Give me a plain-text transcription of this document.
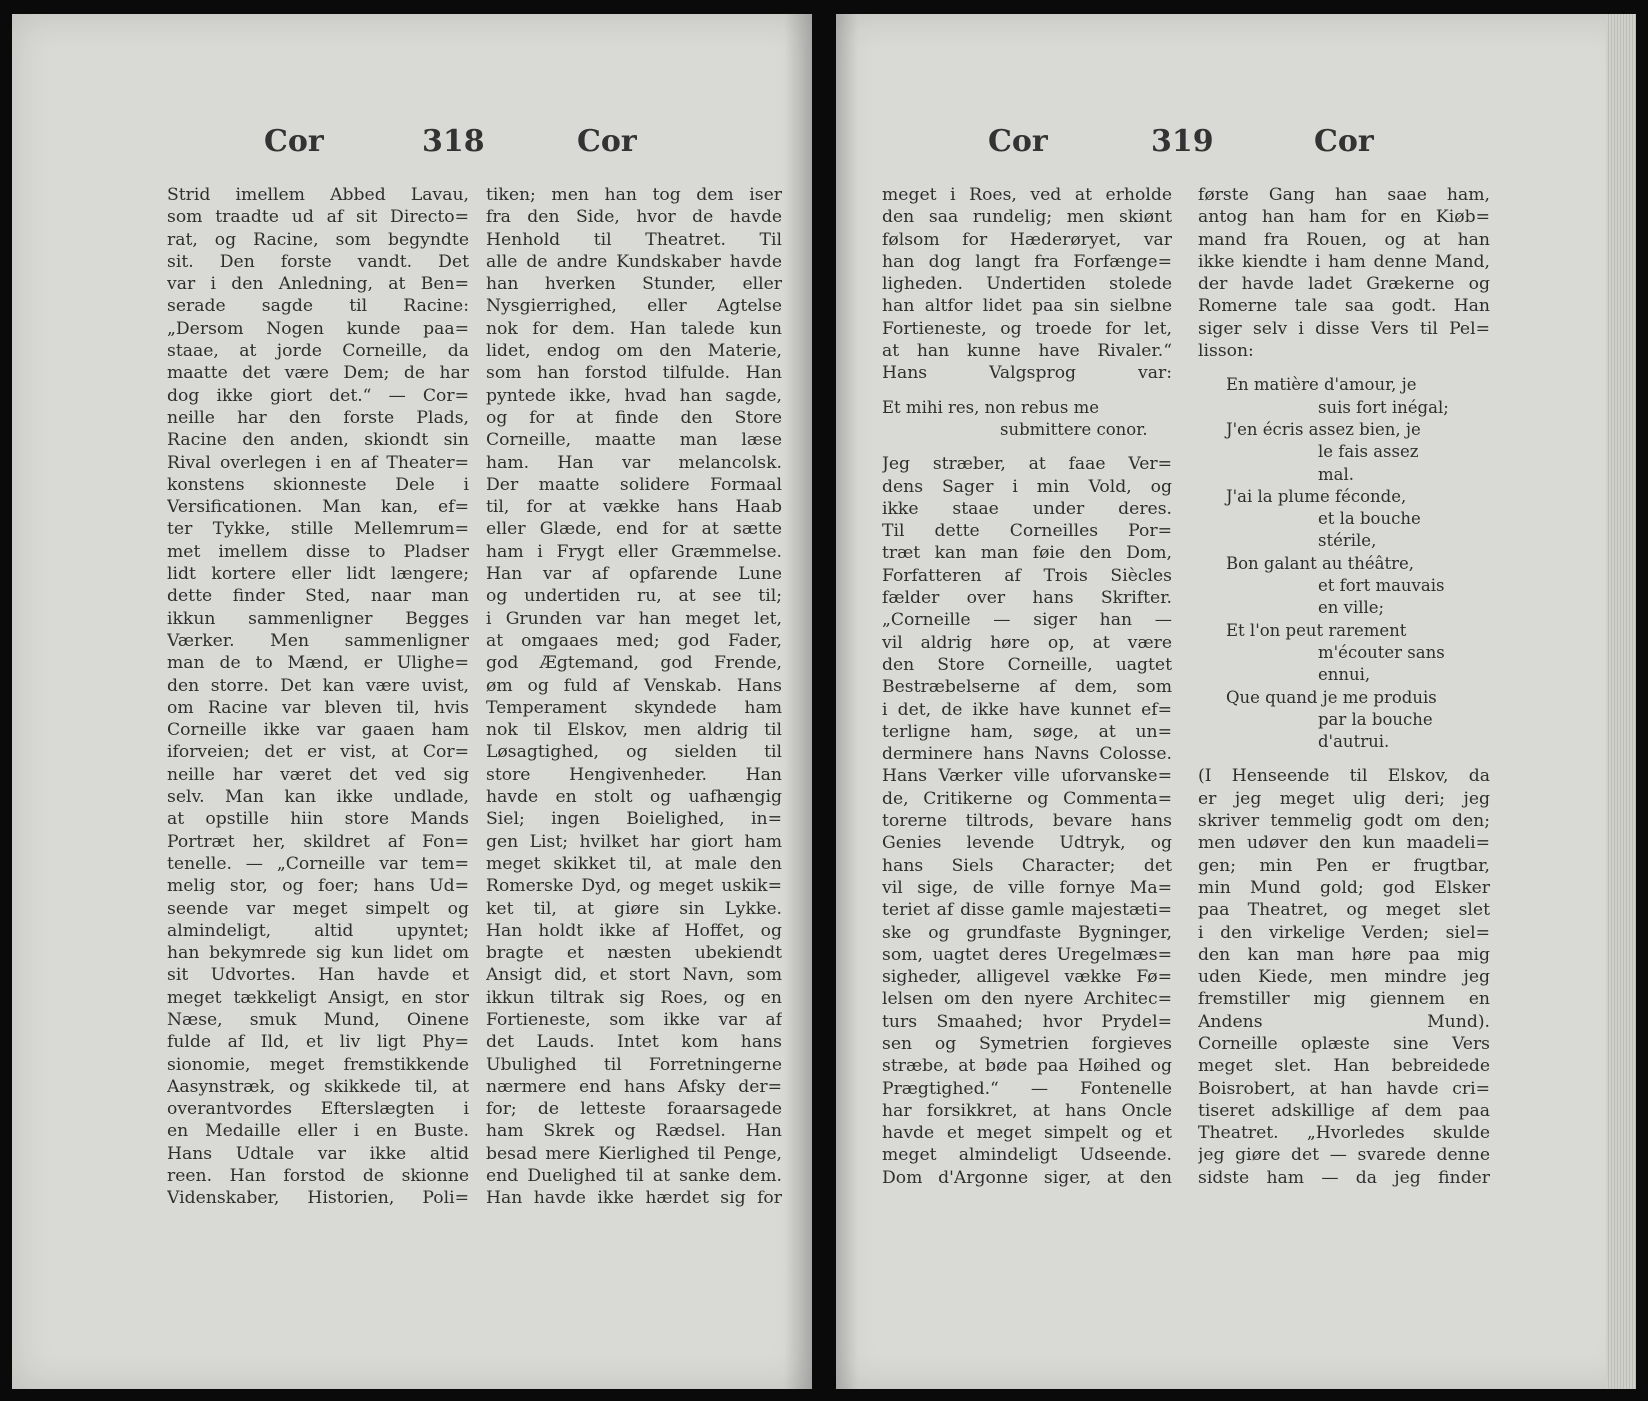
Cor	318	Cor
Strid imellem Abbed Lavau,
som traadte ud af sit Directo=
rat, og Racine, som begyndte
sit. Den forste vandt. Det
var i den Anledning, at Ben=
serade sagde til Racine:
„Dersom Nogen kunde paa=
staae, at jorde Corneille, da
maatte det være Dem; de har
dog ikke giort det.“ — Cor=
neille har den forste Plads,
Racine den anden, skiondt sin
Rival overlegen i en af Theater=
konstens skionneste Dele i
Versificationen. Man kan, ef=
ter Tykke, stille Mellemrum=
met imellem disse to Pladser
lidt kortere eller lidt længere;
dette finder Sted, naar man
ikkun sammenligner Begges
Værker. Men sammenligner
man de to Mænd, er Ulighe=
den storre. Det kan være uvist,
om Racine var bleven til, hvis
Corneille ikke var gaaen ham
iforveien; det er vist, at Cor=
neille har været det ved sig
selv. Man kan ikke undlade,
at opstille hiin store Mands
Portræt her, skildret af Fon=
tenelle. — „Corneille var tem=
melig stor, og foer; hans Ud=
seende var meget simpelt og
almindeligt, altid upyntet;
han bekymrede sig kun lidet om
sit Udvortes. Han havde et
meget tækkeligt Ansigt, en stor
Næse, smuk Mund, Oinene
fulde af Ild, et liv ligt Phy=
sionomie, meget fremstikkende
Aasynstræk, og skikkede til, at
overantvordes Efterslægten i
en Medaille eller i en Buste.
Hans Udtale var ikke altid
reen. Han forstod de skionne
Videnskaber, Historien, Poli=
tiken; men han tog dem iser
fra den Side, hvor de havde
Henhold til Theatret. Til
alle de andre Kundskaber havde
han hverken Stunder, eller
Nysgierrighed, eller Agtelse
nok for dem. Han talede kun
lidet, endog om den Materie,
som han forstod tilfulde. Han
pyntede ikke, hvad han sagde,
og for at finde den Store
Corneille, maatte man læse
ham. Han var melancolsk.
Der maatte solidere Formaal
til, for at vække hans Haab
eller Glæde, end for at sætte
ham i Frygt eller Græmmelse.
Han var af opfarende Lune
og undertiden ru, at see til;
i Grunden var han meget let,
at omgaaes med; god Fader,
god Ægtemand, god Frende,
øm og fuld af Venskab. Hans
Temperament skyndede ham
nok til Elskov, men aldrig til
Løsagtighed, og sielden til
store Hengivenheder. Han
havde en stolt og uafhængig
Siel; ingen Boielighed, in=
gen List; hvilket har giort ham
meget skikket til, at male den
Romerske Dyd, og meget uskik=
ket til, at giøre sin Lykke.
Han holdt ikke af Hoffet, og
bragte et næsten ubekiendt
Ansigt did, et stort Navn, som
ikkun tiltrak sig Roes, og en
Fortieneste, som ikke var af
det Lauds. Intet kom hans
Ubulighed til Forretningerne
nærmere end hans Afsky der=
for; de letteste foraarsagede
ham Skrek og Rædsel. Han
besad mere Kierlighed til Penge,
end Duelighed til at sanke dem.
Han havde ikke hærdet sig for
Cor	319	Cor
meget i Roes, ved at erholde
den saa rundelig; men skiønt
følsom for Hæderøryet, var
han dog langt fra Forfænge=
ligheden. Undertiden stolede
han altfor lidet paa sin sielbne
Fortieneste, og troede for let,
at han kunne have Rivaler.“
Hans Valgsprog var:
Et mihi res, non rebus me
submittere conor.
Jeg stræber, at faae Ver=
dens Sager i min Vold, og
ikke staae under deres.
Til dette Corneilles Por=
træt kan man føie den Dom,
Forfatteren af Trois Siècles
fælder over hans Skrifter.
„Corneille — siger han —
vil aldrig høre op, at være
den Store Corneille, uagtet
Bestræbelserne af dem, som
i det, de ikke have kunnet ef=
terligne ham, søge, at un=
derminere hans Navns Colosse.
Hans Værker ville uforvanske=
de, Critikerne og Commenta=
torerne tiltrods, bevare hans
Genies levende Udtryk, og
hans Siels Character; det
vil sige, de ville fornye Ma=
teriet af disse gamle majestæti=
ske og grundfaste Bygninger,
som, uagtet deres Uregelmæs=
sigheder, alligevel vække Fø=
lelsen om den nyere Architec=
turs Smaahed; hvor Prydel=
sen og Symetrien forgieves
stræbe, at bøde paa Høihed og
Prægtighed.“ — Fontenelle
har forsikkret, at hans Oncle
havde et meget simpelt og et
meget almindeligt Udseende.
Dom d'Argonne siger, at den
første Gang han saae ham,
antog han ham for en Kiøb=
mand fra Rouen, og at han
ikke kiendte i ham denne Mand,
der havde ladet Grækerne og
Romerne tale saa godt. Han
siger selv i disse Vers til Pel=
lisson:
En matière d'amour, je
suis fort inégal;
J'en écris assez bien, je
le fais assez
mal.
J'ai la plume féconde,
et la bouche
stérile,
Bon galant au théâtre,
et fort mauvais
en ville;
Et l'on peut rarement
m'écouter sans
ennui,
Que quand je me produis
par la bouche
d'autrui.
(I Henseende til Elskov, da
er jeg meget ulig deri; jeg
skriver temmelig godt om den;
men udøver den kun maadeli=
gen; min Pen er frugtbar,
min Mund gold; god Elsker
paa Theatret, og meget slet
i den virkelige Verden; siel=
den kan man høre paa mig
uden Kiede, men mindre jeg
fremstiller mig giennem en
Andens Mund).
Corneille oplæste sine Vers
meget slet. Han bebreidede
Boisrobert, at han havde cri=
tiseret adskillige af dem paa
Theatret. „Hvorledes skulde
jeg giøre det — svarede denne
sidste ham — da jeg finder
